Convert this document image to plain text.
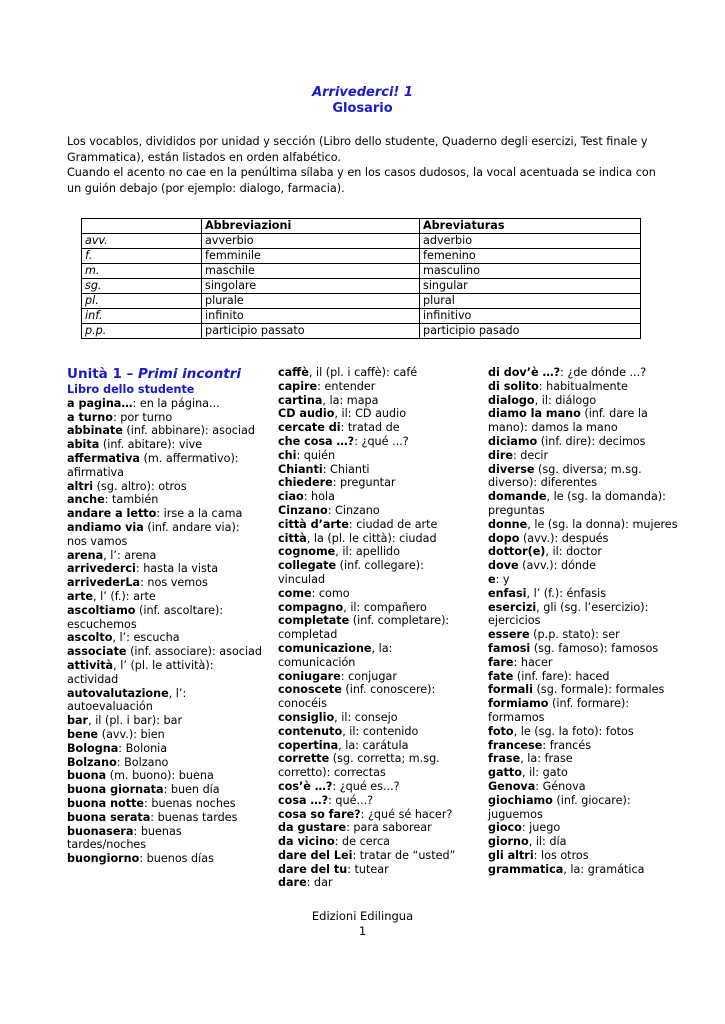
Arrivederci! 1
Glosario

Los vocablos, divididos por unidad y sección (Libro dello studente, Quaderno degli esercizi, Test finale y Grammatica), están listados en orden alfabético.

Cuando el acento no cae en la penúltima sílaba y en los casos dudosos, la vocal acentuada se indica con un guión debajo (por ejemplo: dialogo, farmacia).

	Abbreviazioni	Abreviaturas
avv.	avverbio	adverbio
f.	femminile	femenino
m.	maschile	masculino
sg.	singolare	singular
pl.	plurale	plural
inf.	infinito	infinitivo
p.p.	participio passato	participio pasado
Unità 1 – Primi incontri
Libro dello studente
a pagina…: en la página...
a turno: por turno
abbinate (inf. abbinare): asociad
abita (inf. abitare): vive
affermativa (m. affermativo): afirmativa
altri (sg. altro): otros
anche: también
andare a letto: irse a la cama
andiamo via (inf. andare via): nos vamos
arena, l’: arena
arrivederci: hasta la vista
arrivederLa: nos vemos
arte, l’ (f.): arte
ascoltiamo (inf. ascoltare): escuchemos
ascolto, l’: escucha
associate (inf. associare): asociad
attività, l’ (pl. le attività): actividad
autovalutazione, l’: autoevaluación
bar, il (pl. i bar): bar
bene (avv.): bien
Bologna: Bolonia
Bolzano: Bolzano
buona (m. buono): buena
buona giornata: buen día
buona notte: buenas noches
buona serata: buenas tardes
buonasera: buenas tardes/noches
buongiorno: buenos días
caffè, il (pl. i caffè): café
capire: entender
cartina, la: mapa
CD audio, il: CD audio
cercate di: tratad de
che cosa …?: ¿qué ...?
chi: quién
Chianti: Chianti
chiedere: preguntar
ciao: hola
Cinzano: Cinzano
città d’arte: ciudad de arte
città, la (pl. le città): ciudad
cognome, il: apellido
collegate (inf. collegare): vinculad
come: como
compagno, il: compañero
completate (inf. completare): completad
comunicazione, la: comunicación
coniugare: conjugar
conoscete (inf. conoscere): conocéis
consiglio, il: consejo
contenuto, il: contenido
copertina, la: carátula
corrette (sg. corretta; m.sg. corretto): correctas
cos’è …?: ¿qué es...?
cosa …?: qué...?
cosa so fare?: ¿qué sé hacer?
da gustare: para saborear
da vicino: de cerca
dare del Lei: tratar de “usted”
dare del tu: tutear
dare: dar
di dov’è …?: ¿de dónde ...?
di solito: habitualmente
dialogo, il: diálogo
diamo la mano (inf. dare la mano): damos la mano
diciamo (inf. dire): decimos
dire: decir
diverse (sg. diversa; m.sg. diverso): diferentes
domande, le (sg. la domanda): preguntas
donne, le (sg. la donna): mujeres
dopo (avv.): después
dottor(e), il: doctor
dove (avv.): dónde
e: y
enfasi, l’ (f.): énfasis
esercizi, gli (sg. l’esercizio): ejercicios
essere (p.p. stato): ser
famosi (sg. famoso): famosos
fare: hacer
fate (inf. fare): haced
formali (sg. formale): formales
formiamo (inf. formare): formamos
foto, le (sg. la foto): fotos
francese: francés
frase, la: frase
gatto, il: gato
Genova: Génova
giochiamo (inf. giocare): juguemos
gioco: juego
giorno, il: día
gli altri: los otros
grammatica, la: gramática
Edizioni Edilingua
1
